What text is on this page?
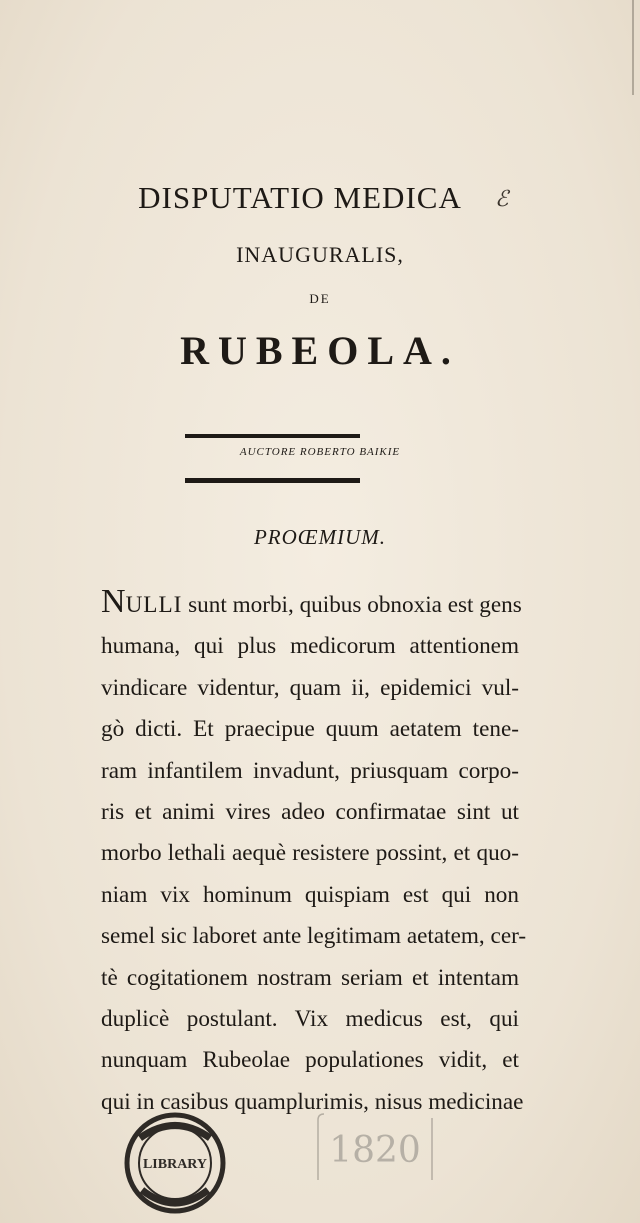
DISPUTATIO MEDICA	ℰ
INAUGURALIS,
DE
RUBEOLA.
AUCTORE ROBERTO BAIKIE
PROŒMIUM.
NULLI sunt morbi, quibus obnoxia est gens
humana, qui plus medicorum attentionem
vindicare videntur, quam ii, epidemici vul-
gò dicti. Et praecipue quum aetatem tene-
ram infantilem invadunt, priusquam corpo-
ris et animi vires adeo confirmatae sint ut
morbo lethali aequè resistere possint, et quo-
niam vix hominum quispiam est qui non
semel sic laboret ante legitimam aetatem, cer-
tè cogitationem nostram seriam et intentam
duplicè postulant. Vix medicus est, qui
nunquam Rubeolae populationes vidit, et
qui in casibus quamplurimis, nisus medicinae
LIBRARY	1820
